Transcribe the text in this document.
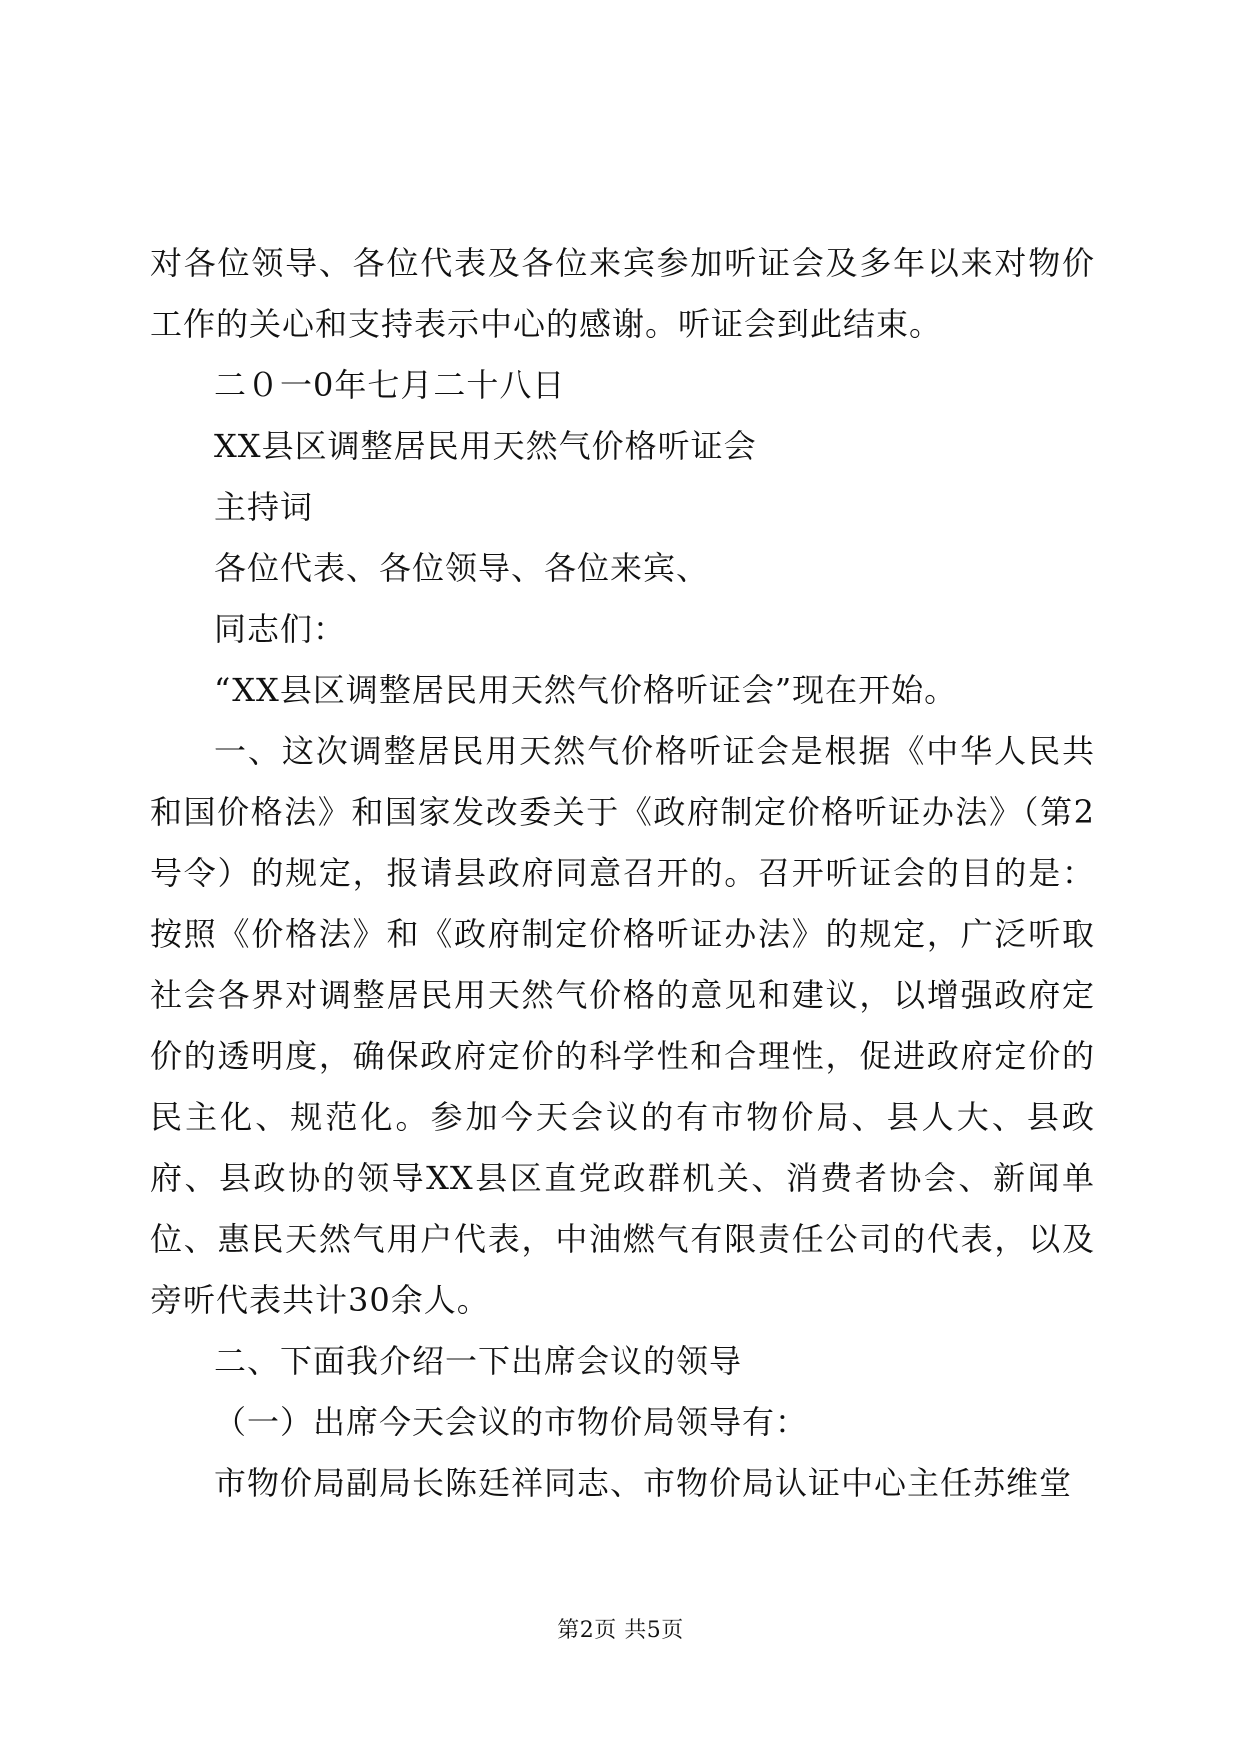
对各位领导、各位代表及各位来宾参加听证会及多年以来对物价工作的关心和支持表示中心的感谢。听证会到此结束。

二０一0年七月二十八日

XX县区调整居民用天然气价格听证会

主持词

各位代表、各位领导、各位来宾、

同志们：

“XX县区调整居民用天然气价格听证会”现在开始。

一、这次调整居民用天然气价格听证会是根据《中华人民共和国价格法》和国家发改委关于《政府制定价格听证办法》（第2号令）的规定，报请县政府同意召开的。召开听证会的目的是：按照《价格法》和《政府制定价格听证办法》的规定，广泛听取社会各界对调整居民用天然气价格的意见和建议，以增强政府定价的透明度，确保政府定价的科学性和合理性，促进政府定价的民主化、规范化。参加今天会议的有市物价局、县人大、县政府、县政协的领导XX县区直党政群机关、消费者协会、新闻单位、惠民天然气用户代表，中油燃气有限责任公司的代表，以及旁听代表共计30余人。

二、下面我介绍一下出席会议的领导

（一）出席今天会议的市物价局领导有：

市物价局副局长陈廷祥同志、市物价局认证中心主任苏维堂

第2页 共5页
